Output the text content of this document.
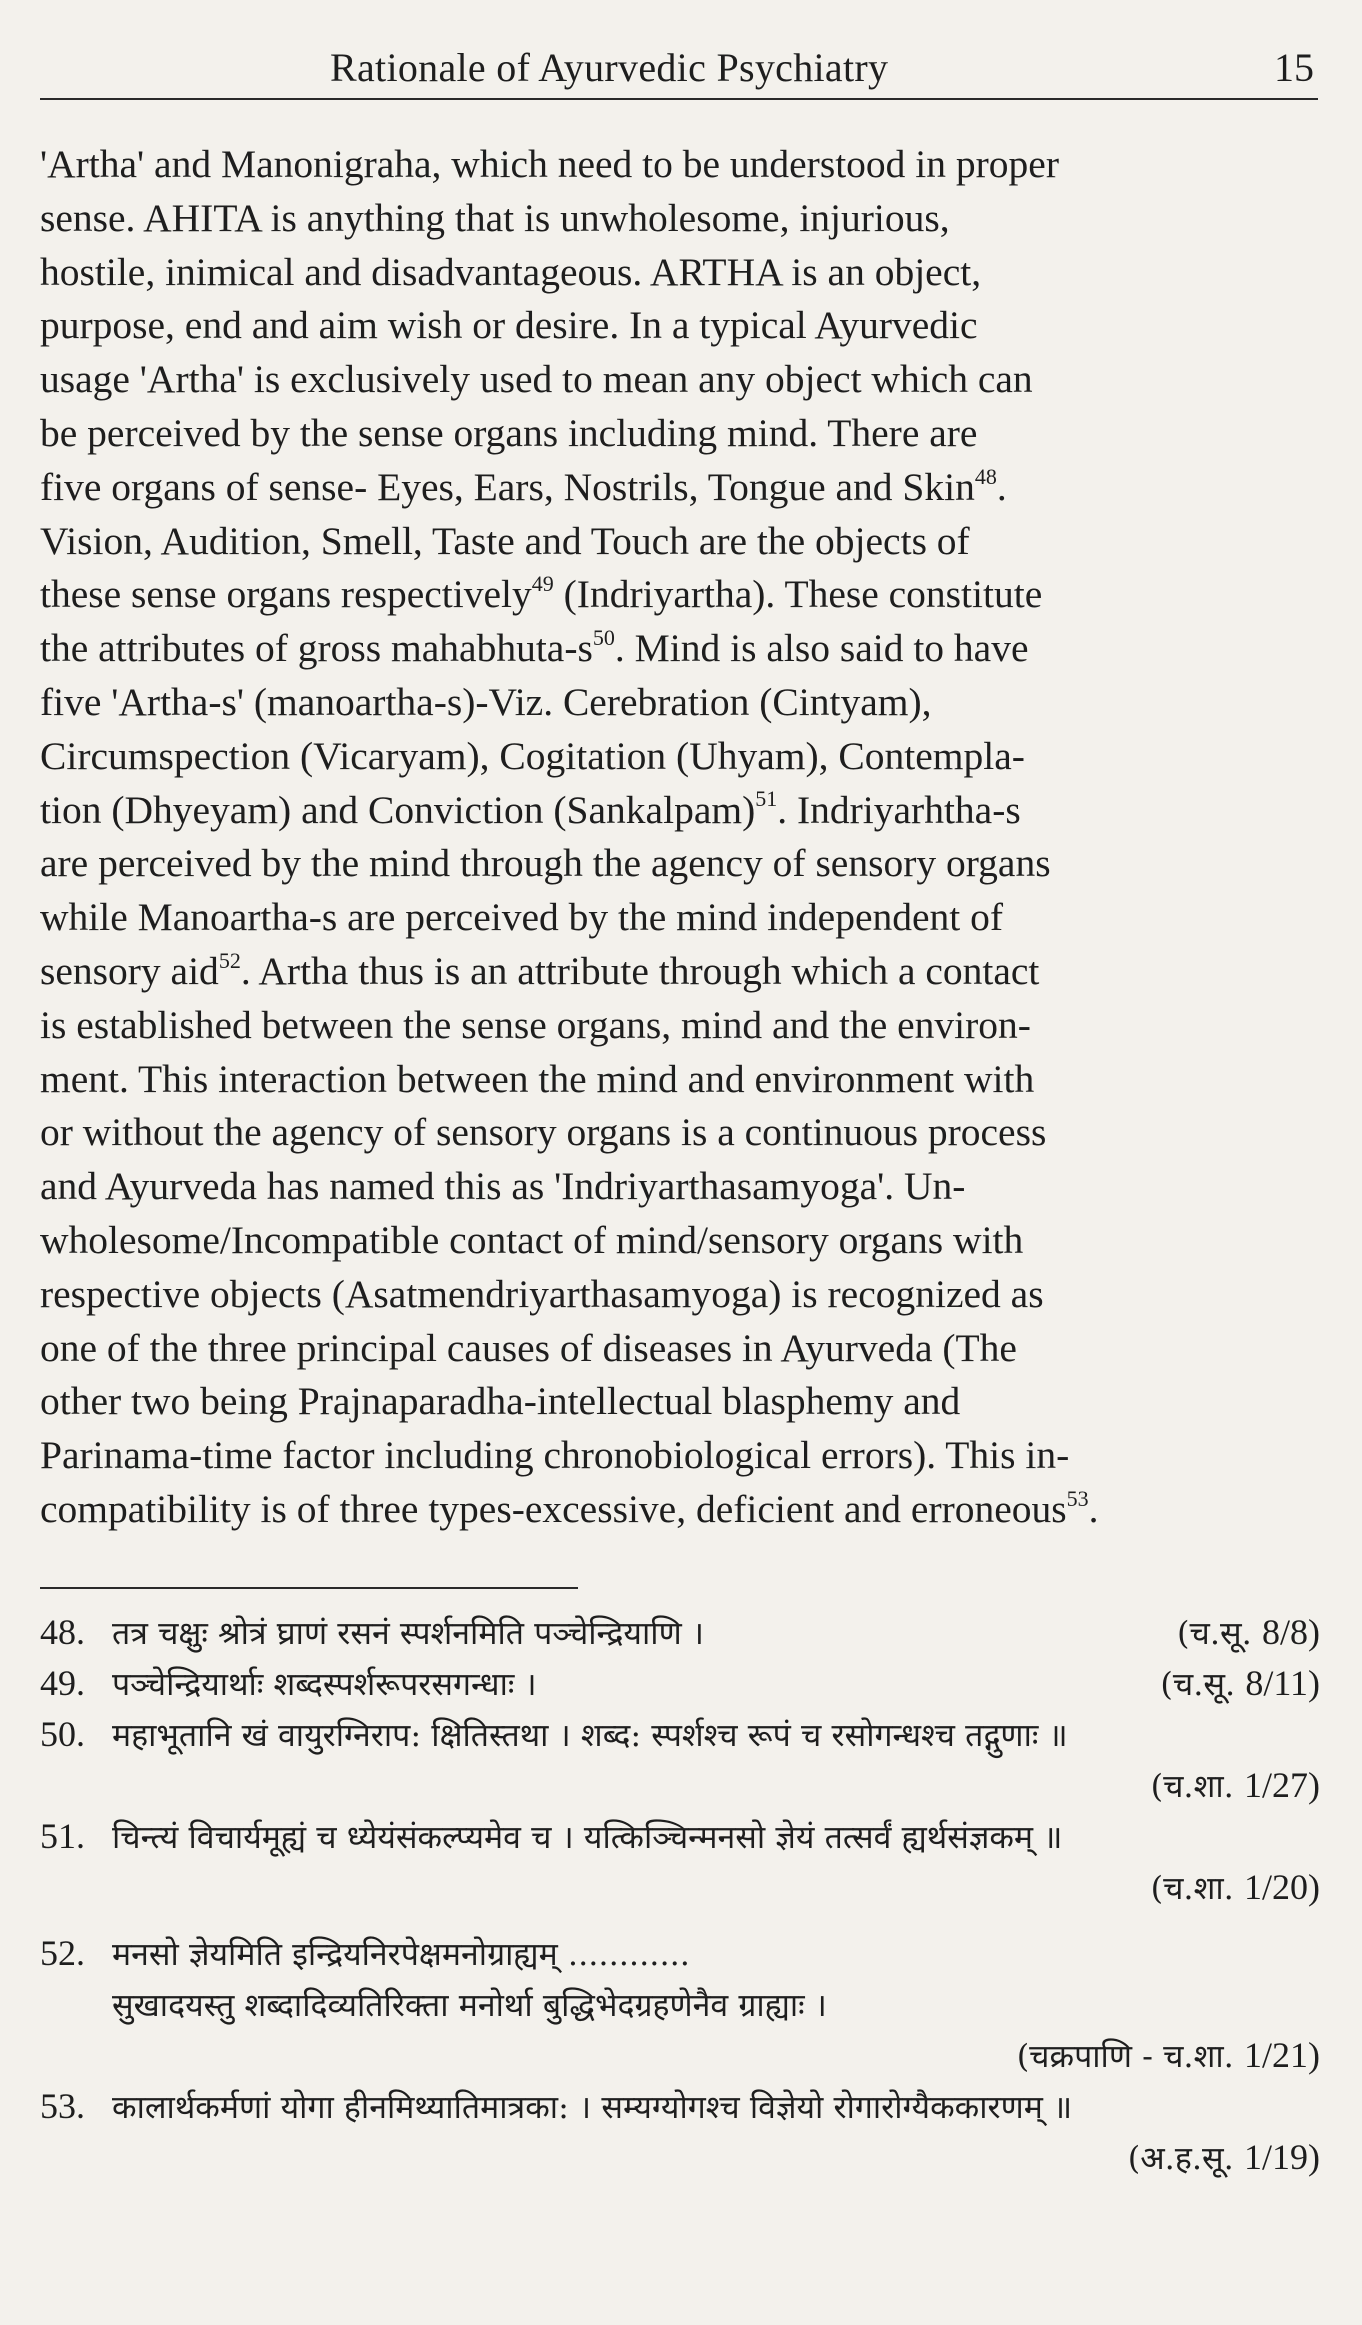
Rationale of Ayurvedic Psychiatry	15
'Artha' and Manonigraha, which need to be understood in proper
sense. AHITA is anything that is unwholesome, injurious,
hostile, inimical and disadvantageous. ARTHA is an object,
purpose, end and aim wish or desire. In a typical Ayurvedic
usage 'Artha' is exclusively used to mean any object which can
be perceived by the sense organs including mind. There are
five organs of sense- Eyes, Ears, Nostrils, Tongue and Skin$^{48}$.
Vision, Audition, Smell, Taste and Touch are the objects of
these sense organs respectively$^{49}$ (Indriyartha). These constitute
the attributes of gross mahabhuta-$s^{50}$. Mind is also said to have
five 'Artha-s' (manoartha-s)-Viz. Cerebration (Cintyam),
Circumspection (Vicaryam), Cogitation (Uhyam), Contempla-
tion (Dhyeyam) and Conviction (Sankalpam)$^{51}$. Indriyarhtha-s
are perceived by the mind through the agency of sensory organs
while Manoartha-s are perceived by the mind independent of
sensory aid$^{52}$. Artha thus is an attribute through which a contact
is established between the sense organs, mind and the environ-
ment. This interaction between the mind and environment with
or without the agency of sensory organs is a continuous process
and Ayurveda has named this as 'Indriyarthasamyoga'. Un-
wholesome/Incompatible contact of mind/sensory organs with
respective objects (Asatmendriyarthasamyoga) is recognized as
one of the three principal causes of diseases in Ayurveda (The
other two being Prajnaparadha-intellectual blasphemy and
Parinama-time factor including chronobiological errors). This in-
compatibility is of three types-excessive, deficient and erroneous$^{53}$.
48. तत्र चक्षुः श्रोत्रं घ्राणं रसनं स्पर्शनमिति पञ्चेन्द्रियाणि ।	(च.सू. 8/8)
49. पञ्चेन्द्रियार्थाः शब्दस्पर्शरूपरसगन्धाः ।	(च.सू. 8/11)
50. महाभूतानि खं वायुरग्निराप: क्षितिस्तथा । शब्द: स्पर्शश्च रूपं च रसोगन्धश्च तद्गुणाः ॥
(च.शा. 1/27)
51. चिन्त्यं विचार्यमूह्यं च ध्येयंसंकल्प्यमेव च । यत्किञ्चिन्मनसो ज्ञेयं तत्सर्वं ह्यर्थसंज्ञकम् ॥
(च.शा. 1/20)
52. मनसो ज्ञेयमिति इन्द्रियनिरपेक्षमनोग्राह्यम् ............
सुखादयस्तु शब्दादिव्यतिरिक्ता मनोर्था बुद्धिभेदग्रहणेनैव ग्राह्याः ।
(चक्रपाणि - च.शा. 1/21)
53. कालार्थकर्मणां योगा हीनमिथ्यातिमात्रका: । सम्यग्योगश्च विज्ञेयो रोगारोग्यैककारणम् ॥
(अ.ह.सू. 1/19)
